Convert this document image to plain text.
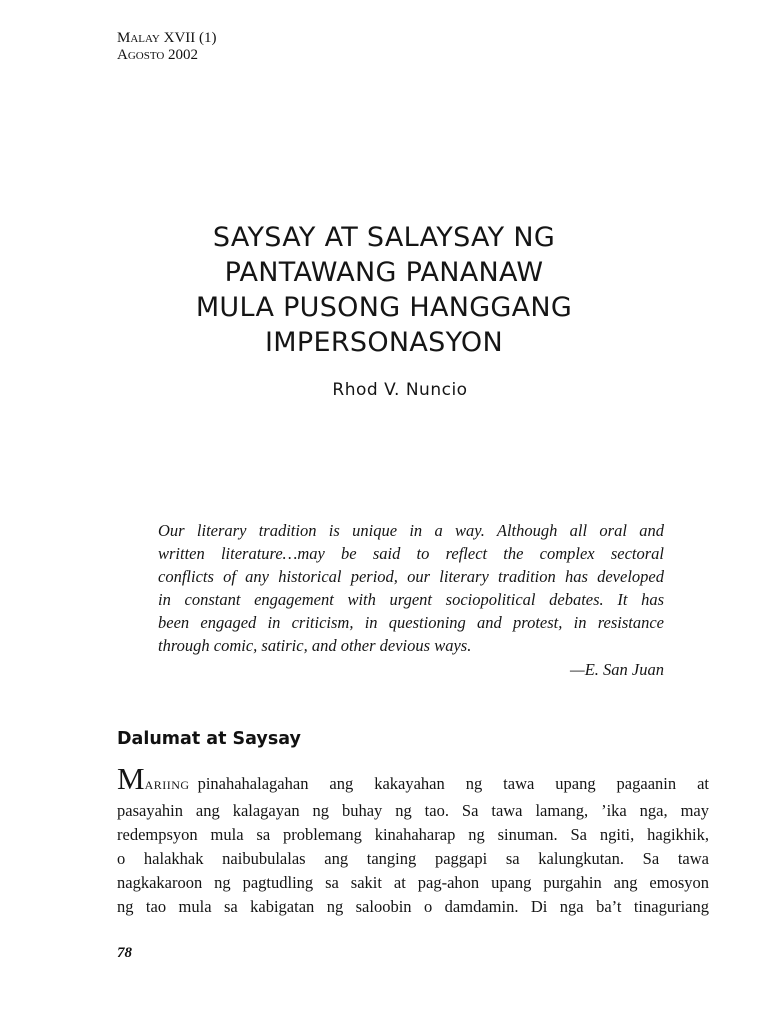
Malay XVII (1)
Agosto 2002
SAYSAY AT SALAYSAY NG
PANTAWANG PANANAW
MULA PUSONG HANGGANG
IMPERSONASYON
Rhod V. Nuncio
Our literary tradition is unique in a way. Although all oral and
written literature…may be said to reflect the complex sectoral
conflicts of any historical period, our literary tradition has developed
in constant engagement with urgent sociopolitical debates. It has
been engaged in criticism, in questioning and protest, in resistance
through comic, satiric, and other devious ways.
—E. San Juan
Dalumat at Saysay
Mariing pinahahalagahan ang kakayahan ng tawa upang pagaanin at
pasayahin ang kalagayan ng buhay ng tao. Sa tawa lamang, ’ika nga, may
redempsyon mula sa problemang kinahaharap ng sinuman. Sa ngiti, hagikhik,
o halakhak naibubulalas ang tanging paggapi sa kalungkutan. Sa tawa
nagkakaroon ng pagtudling sa sakit at pag-ahon upang purgahin ang emosyon
ng tao mula sa kabigatan ng saloobin o damdamin. Di nga ba’t tinaguriang
78
